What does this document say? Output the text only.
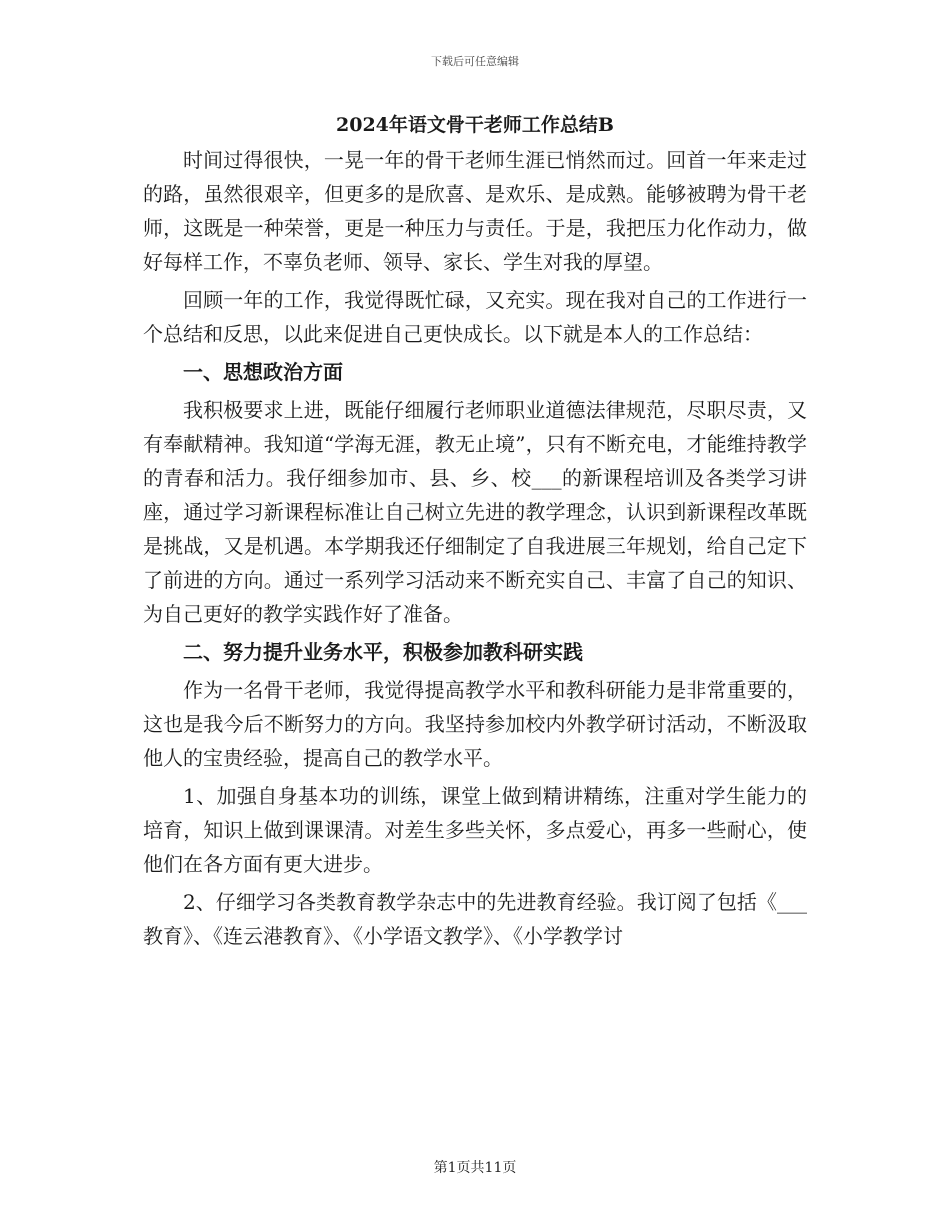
下载后可任意编辑
2024年语文骨干老师工作总结B

时间过得很快，一晃一年的骨干老师生涯已悄然而过。回首一年来走过的路，虽然很艰辛，但更多的是欣喜、是欢乐、是成熟。能够被聘为骨干老师，这既是一种荣誉，更是一种压力与责任。于是，我把压力化作动力，做好每样工作，不辜负老师、领导、家长、学生对我的厚望。

回顾一年的工作，我觉得既忙碌，又充实。现在我对自己的工作进行一个总结和反思，以此来促进自己更快成长。以下就是本人的工作总结：

一、思想政治方面

我积极要求上进，既能仔细履行老师职业道德法律规范，尽职尽责，又有奉献精神。我知道“学海无涯，教无止境”，只有不断充电，才能维持教学的青春和活力。我仔细参加市、县、乡、校___的新课程培训及各类学习讲座，通过学习新课程标准让自己树立先进的教学理念，认识到新课程改革既是挑战，又是机遇。本学期我还仔细制定了自我进展三年规划，给自己定下了前进的方向。通过一系列学习活动来不断充实自己、丰富了自己的知识、为自己更好的教学实践作好了准备。

二、努力提升业务水平，积极参加教科研实践

作为一名骨干老师，我觉得提高教学水平和教科研能力是非常重要的，这也是我今后不断努力的方向。我坚持参加校内外教学研讨活动，不断汲取他人的宝贵经验，提高自己的教学水平。

1、加强自身基本功的训练，课堂上做到精讲精练，注重对学生能力的培育，知识上做到课课清。对差生多些关怀，多点爱心，再多一些耐心，使他们在各方面有更大进步。

2、仔细学习各类教育教学杂志中的先进教育经验。我订阅了包括《___教育》、《连云港教育》、《小学语文教学》、《小学教学讨

第1页共11页
